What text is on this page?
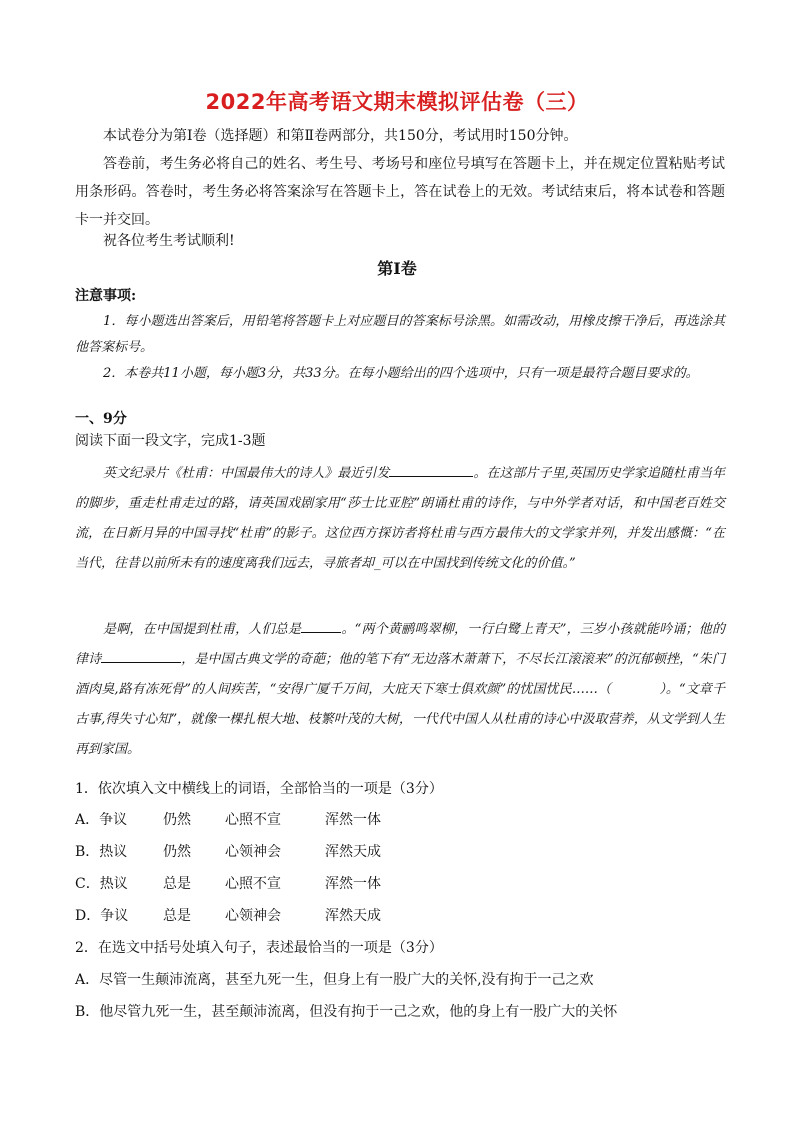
2022年高考语文期末模拟评估卷（三）

本试卷分为第Ⅰ卷（选择题）和第Ⅱ卷两部分，共150分，考试用时150分钟。

答卷前，考生务必将自己的姓名、考生号、考场号和座位号填写在答题卡上，并在规定位置粘贴考试用条形码。答卷时，考生务必将答案涂写在答题卡上，答在试卷上的无效。考试结束后，将本试卷和答题卡一并交回。

祝各位考生考试顺利!

第Ⅰ卷
注意事项:

1．每小题选出答案后，用铅笔将答题卡上对应题目的答案标号涂黑。如需改动，用橡皮擦干净后，再选涂其他答案标号。

2．本卷共11小题，每小题3分，共33分。在每小题给出的四个选项中，只有一项是最符合题目要求的。

一、9分
阅读下面一段文字，完成1-3题

英文纪录片《杜甫：中国最伟大的诗人》最近引发	。在这部片子里,英国历史学家追随杜甫当年的脚步，重走杜甫走过的路，请英国戏剧家用“莎士比亚腔”朗诵杜甫的诗作，与中外学者对话，和中国老百姓交流，在日新月异的中国寻找“杜甫”的影子。这位西方探访者将杜甫与西方最伟大的文学家并列，并发出感慨：“在当代，往昔以前所未有的速度离我们远去，寻旅者却_可以在中国找到传统文化的价值。”

是啊，在中国提到杜甫，人们总是	。“两个黄鹂鸣翠柳，一行白鹭上青天”，三岁小孩就能吟诵；他的律诗	，是中国古典文学的奇葩；他的笔下有“无边落木萧萧下，不尽长江滚滚来”的沉郁顿挫，“朱门酒肉臭,路有冻死骨”的人间疾苦，“安得广厦千万间，大庇天下寒士俱欢颜”的忧国忧民……（	）。“文章千古事,得失寸心知”，就像一棵扎根大地、枝繁叶茂的大树，一代代中国人从杜甫的诗心中汲取营养，从文学到人生再到家国。

1．依次填入文中横线上的词语，全部恰当的一项是（3分）
A．争议	仍然 心照不宣	浑然一体
B．热议	仍然 心领神会	浑然天成
C．热议	总是 心照不宣	浑然一体
D．争议 总是 心领神会	浑然天成
2．在选文中括号处填入句子，表述最恰当的一项是（3分）
A．尽管一生颠沛流离，甚至九死一生，但身上有一股广大的关怀,没有拘于一己之欢
B．他尽管九死一生，甚至颠沛流离，但没有拘于一己之欢，他的身上有一股广大的关怀
